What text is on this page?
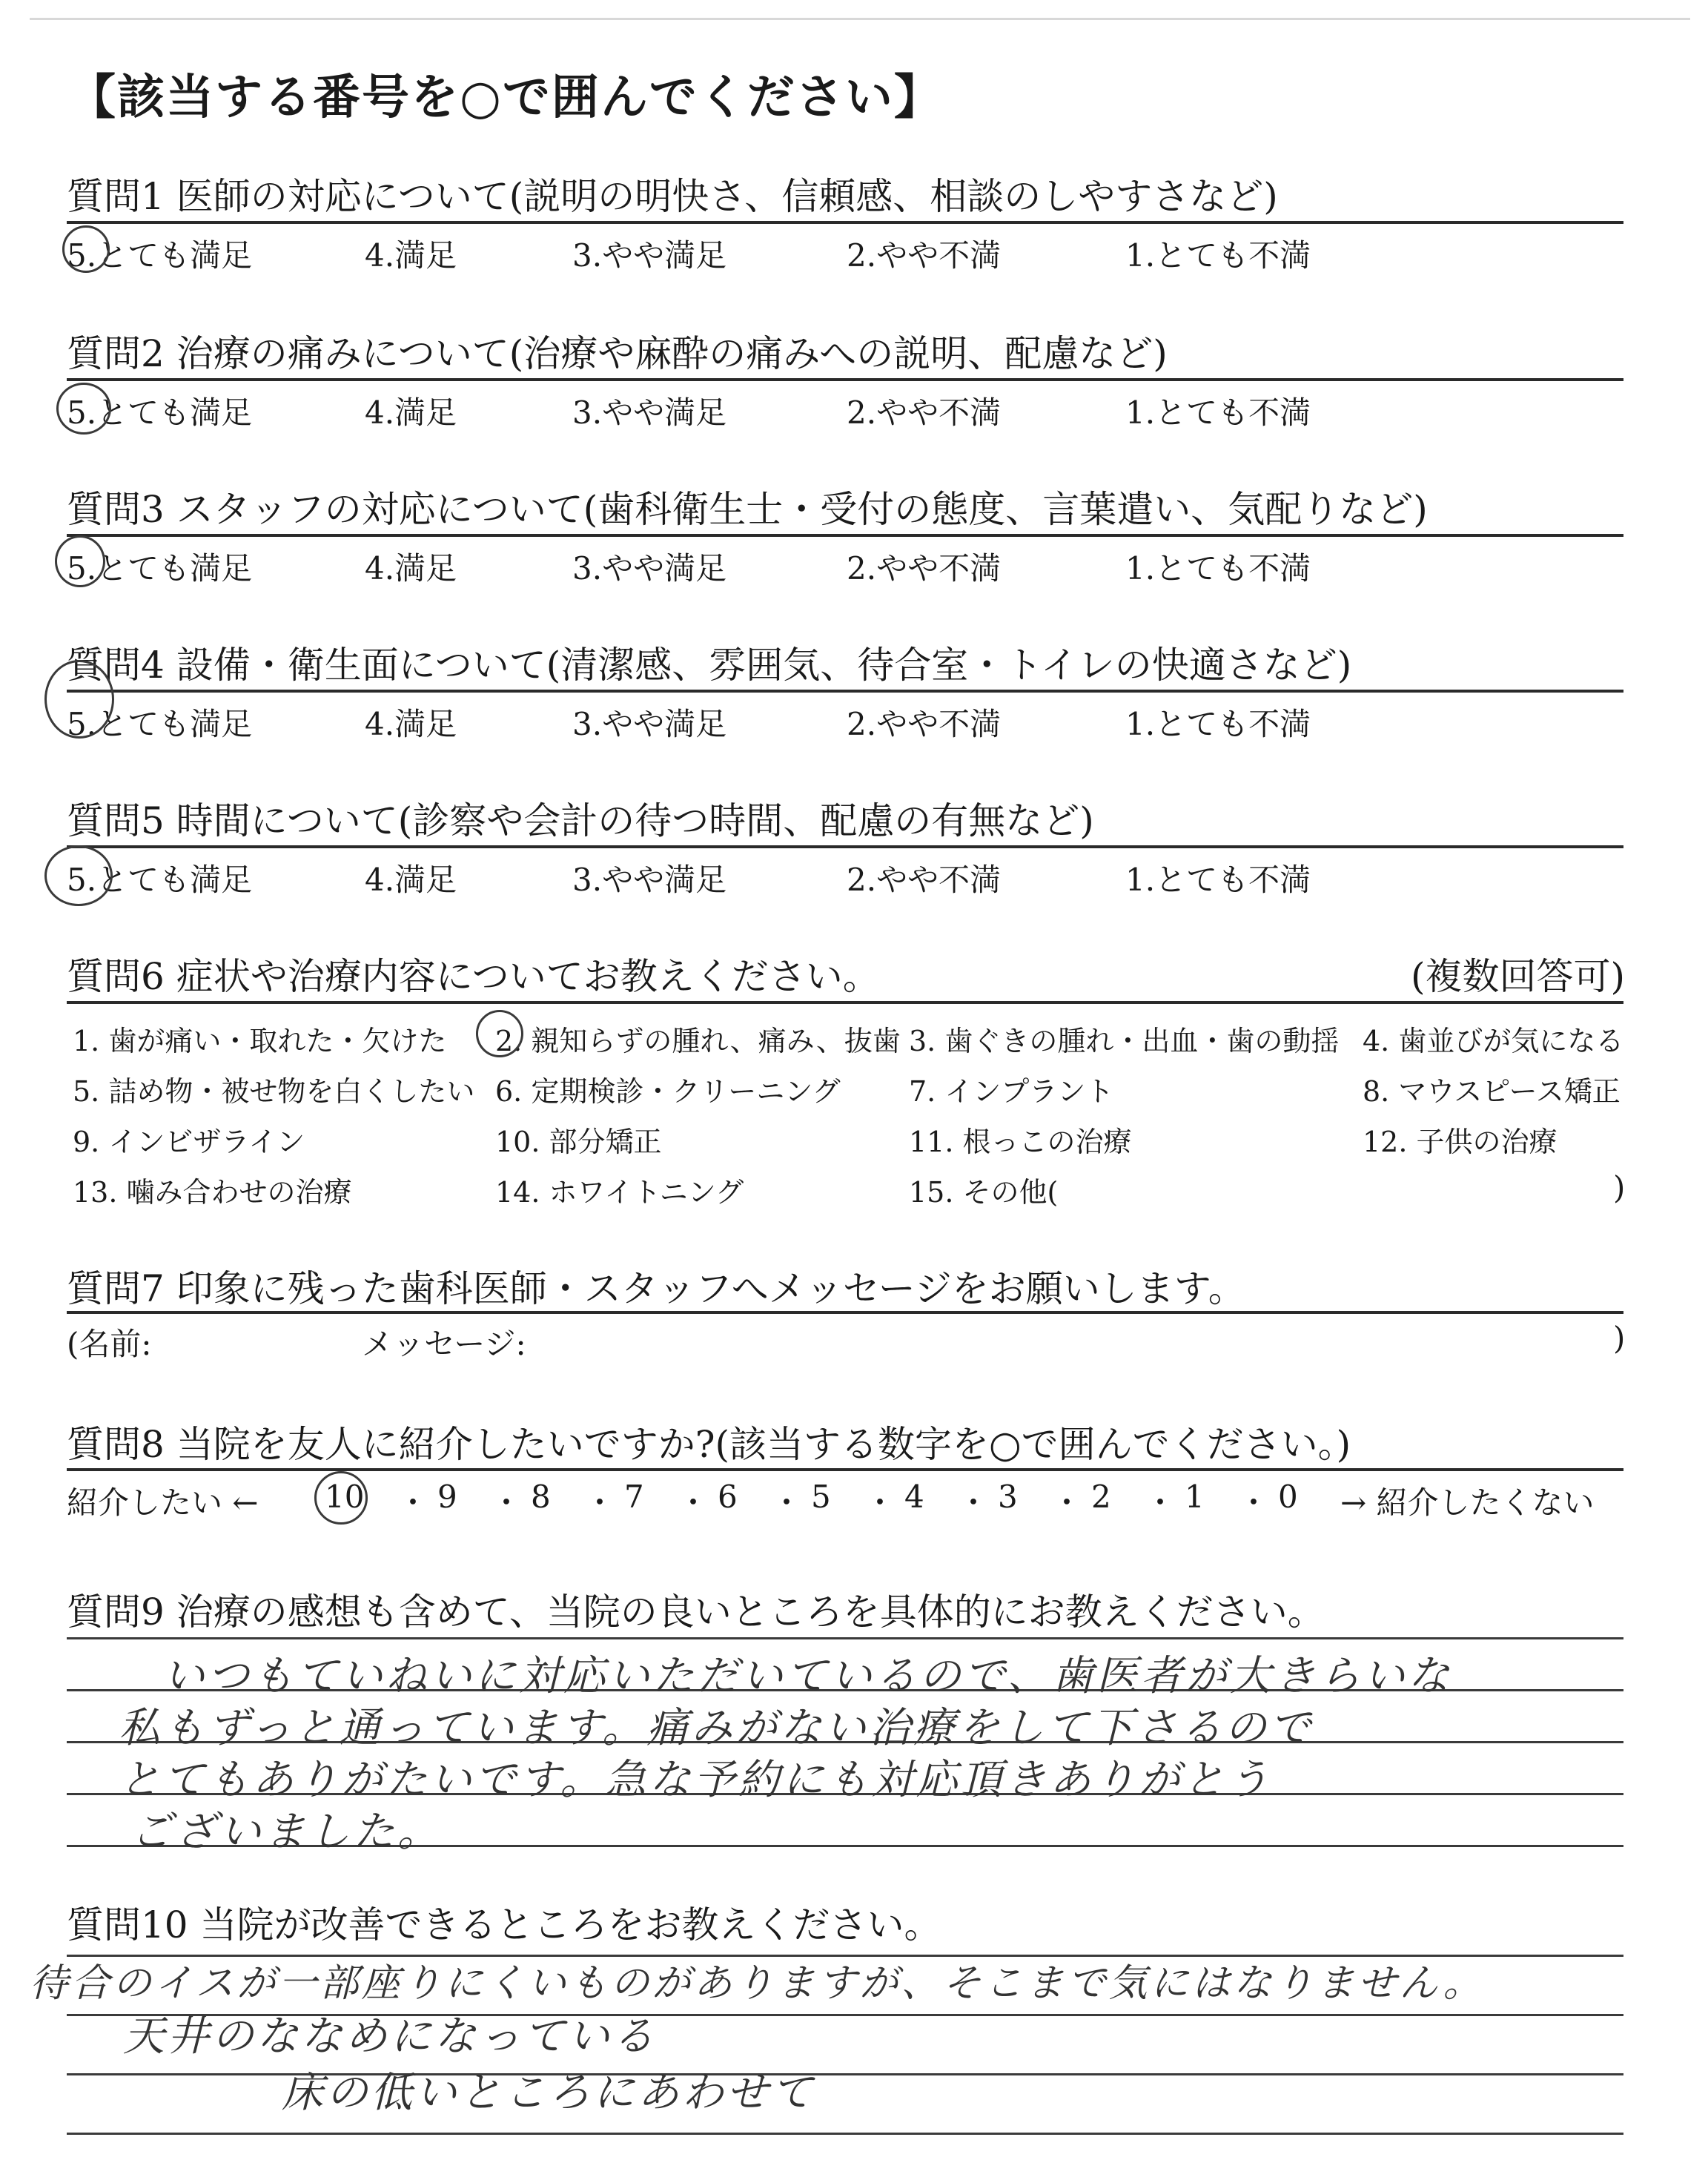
【該当する番号を○で囲んでください】
質問1 医師の対応について(説明の明快さ、信頼感、相談のしやすさなど)
5.とても満足	4.満足	3.やや満足	2.やや不満	1.とても不満
質問2 治療の痛みについて(治療や麻酔の痛みへの説明、配慮など)
5.とても満足	4.満足	3.やや満足	2.やや不満	1.とても不満
質問3 スタッフの対応について(歯科衛生士・受付の態度、言葉遣い、気配りなど)
5.とても満足	4.満足	3.やや満足	2.やや不満	1.とても不満
質問4 設備・衛生面について(清潔感、雰囲気、待合室・トイレの快適さなど)
5.とても満足	4.満足	3.やや満足	2.やや不満	1.とても不満
質問5 時間について(診察や会計の待つ時間、配慮の有無など)
5.とても満足	4.満足	3.やや満足	2.やや不満	1.とても不満
質問6 症状や治療内容についてお教えください。	(複数回答可)
1. 歯が痛い・取れた・欠けた 2. 親知らずの腫れ、痛み、抜歯 3. 歯ぐきの腫れ・出血・歯の動揺 4. 歯並びが気になる
5. 詰め物・被せ物を白くしたい 6. 定期検診・クリーニング 7. インプラント	8. マウスピース矯正
9. インビザライン	10. 部分矯正	11. 根っこの治療	12. 子供の治療
13. 噛み合わせの治療	14. ホワイトニング	15. その他(	)
質問7 印象に残った歯科医師・スタッフへメッセージをお願いします。
(名前:	メッセージ:	)
質問8 当院を友人に紹介したいですか?(該当する数字を○で囲んでください。)
紹介したい ← 10 ・ 9 ・ 8 ・ 7 ・ 6 ・ 5 ・ 4 ・ 3 ・ 2 ・ 1 ・ 0 → 紹介したくない
質問9 治療の感想も含めて、当院の良いところを具体的にお教えください。
いつもていねいに対応いただいているので、歯医者が大きらいな
私もずっと通っています。痛みがない治療をして下さるので
とてもありがたいです。急な予約にも対応頂きありがとう
ございました。
質問10 当院が改善できるところをお教えください。
待合のイスが一部座りにくいものがありますが、そこまで気にはなりません。
天井のななめになっている
床の低いところにあわせて
